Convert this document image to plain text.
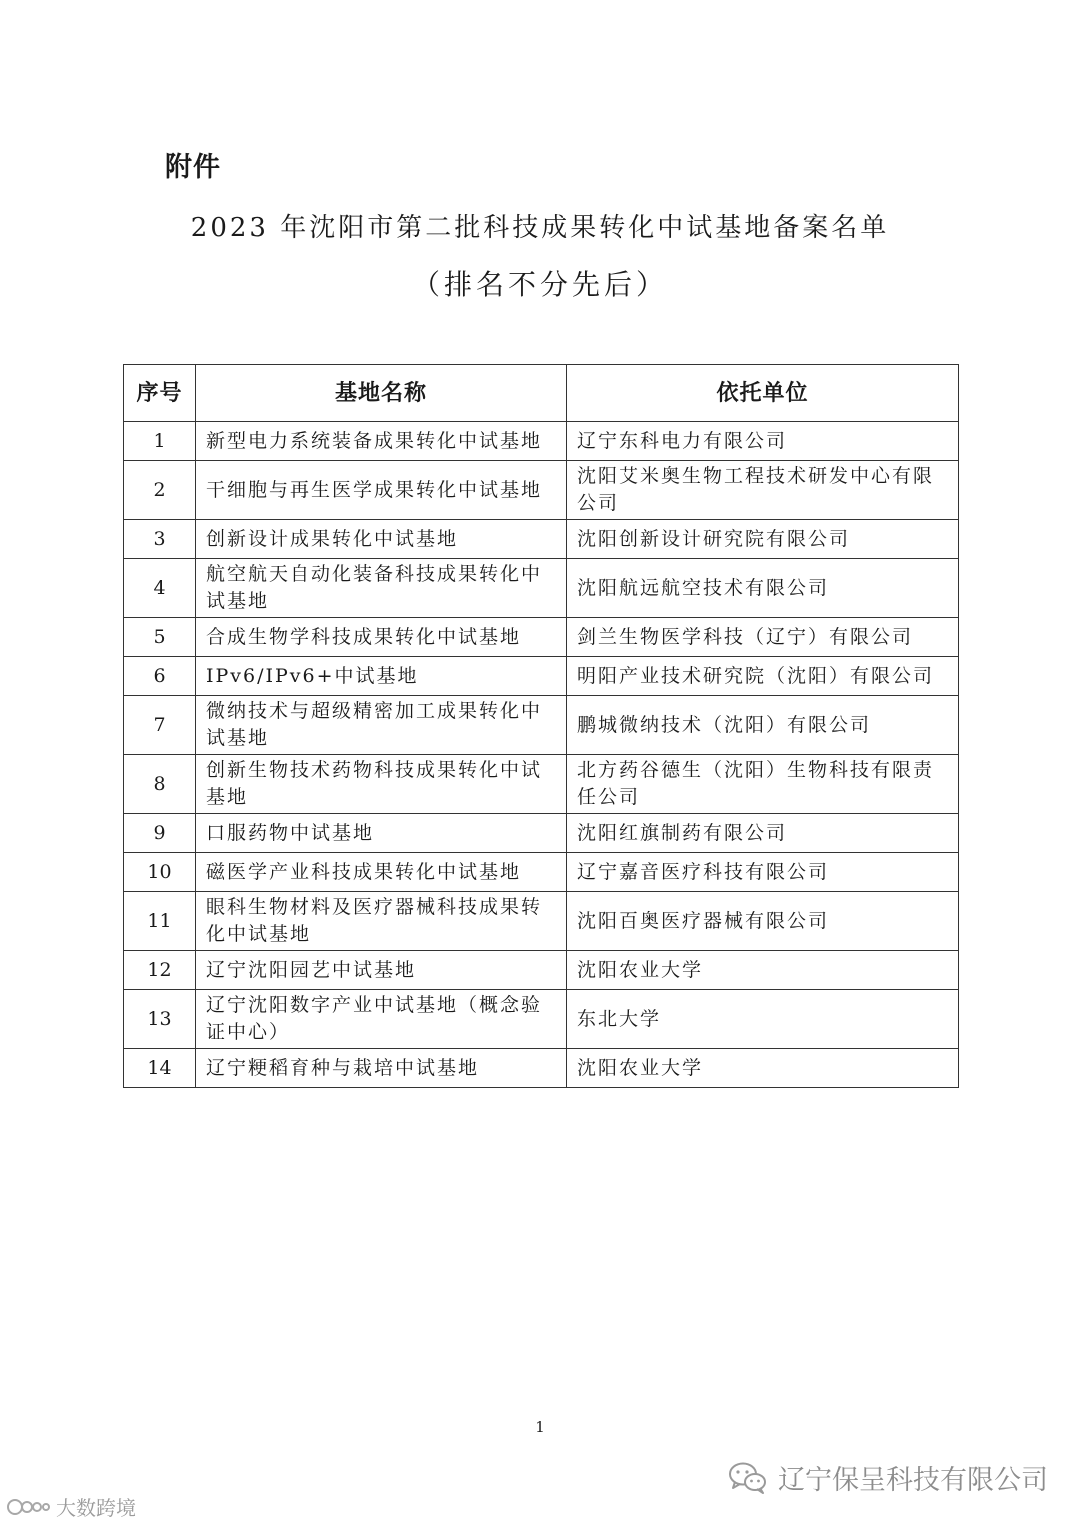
附件
2023 年沈阳市第二批科技成果转化中试基地备案名单
（排名不分先后）
序号	基地名称	依托单位
1	新型电力系统装备成果转化中试基地	辽宁东科电力有限公司
2	干细胞与再生医学成果转化中试基地	沈阳艾米奥生物工程技术研发中心有限公司
3	创新设计成果转化中试基地	沈阳创新设计研究院有限公司
4	航空航天自动化装备科技成果转化中试基地	沈阳航远航空技术有限公司
5	合成生物学科技成果转化中试基地	剑兰生物医学科技（辽宁）有限公司
6	IPv6/IPv6+中试基地	明阳产业技术研究院（沈阳）有限公司
7	微纳技术与超级精密加工成果转化中试基地	鹏城微纳技术（沈阳）有限公司
8	创新生物技术药物科技成果转化中试基地	北方药谷德生（沈阳）生物科技有限责任公司
9	口服药物中试基地	沈阳红旗制药有限公司
10	磁医学产业科技成果转化中试基地	辽宁嘉音医疗科技有限公司
11	眼科生物材料及医疗器械科技成果转化中试基地	沈阳百奥医疗器械有限公司
12	辽宁沈阳园艺中试基地	沈阳农业大学
13	辽宁沈阳数字产业中试基地（概念验证中心）	东北大学
14	辽宁粳稻育种与栽培中试基地	沈阳农业大学
1
大数跨境
辽宁保呈科技有限公司
